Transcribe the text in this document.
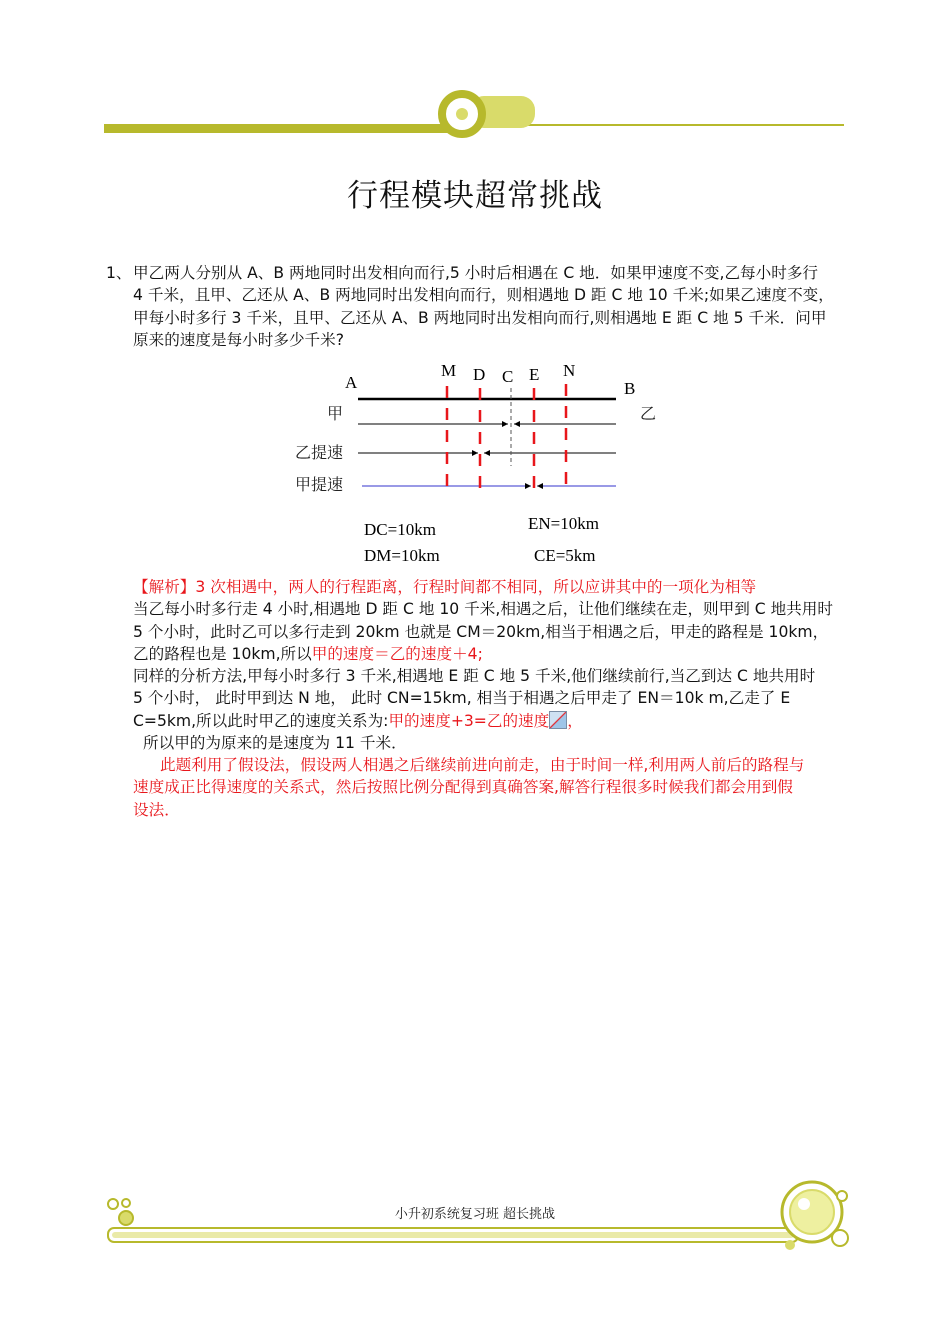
行程模块超常挑战
1、 甲乙两人分别从 A、B 两地同时出发相向而行,5 小时后相遇在 C 地．如果甲速度不变,乙每小时多行
4 千米，且甲、乙还从 A、B 两地同时出发相向而行，则相遇地 D 距 C 地 10 千米;如果乙速度不变，
甲每小时多行 3 千米，且甲、乙还从 A、B 两地同时出发相向而行,则相遇地 E 距 C 地 5 千米．问甲
原来的速度是每小时多少千米?
A
M D C E N
B
甲	乙
乙提速
甲提速
DC=10km
DM=10km
EN=10km
CE=5km
【解析】3 次相遇中，两人的行程距离，行程时间都不相同，所以应讲其中的一项化为相等
当乙每小时多行走 4 小时,相遇地 D 距 C 地 10 千米,相遇之后，让他们继续在走，则甲到 C 地共用时
5 个小时，此时乙可以多行走到 20km 也就是 CM＝20km,相当于相遇之后，甲走的路程是 10km，
乙的路程也是 10km,所以甲的速度＝乙的速度＋4;
同样的分析方法,甲每小时多行 3 千米,相遇地 E 距 C 地 5 千米,他们继续前行,当乙到达 C 地共用时
5 个小时， 此时甲到达 N 地， 此时 CN=15km, 相当于相遇之后甲走了 EN＝10k m,乙走了 E
C=5km,所以此时甲乙的速度关系为:甲的速度+3=乙的速度 ，
所以甲的为原来的是速度为 11 千米．
此题利用了假设法，假设两人相遇之后继续前进向前走，由于时间一样,利用两人前后的路程与
速度成正比得速度的关系式，然后按照比例分配得到真确答案,解答行程很多时候我们都会用到假
设法．
小升初系统复习班 超长挑战
